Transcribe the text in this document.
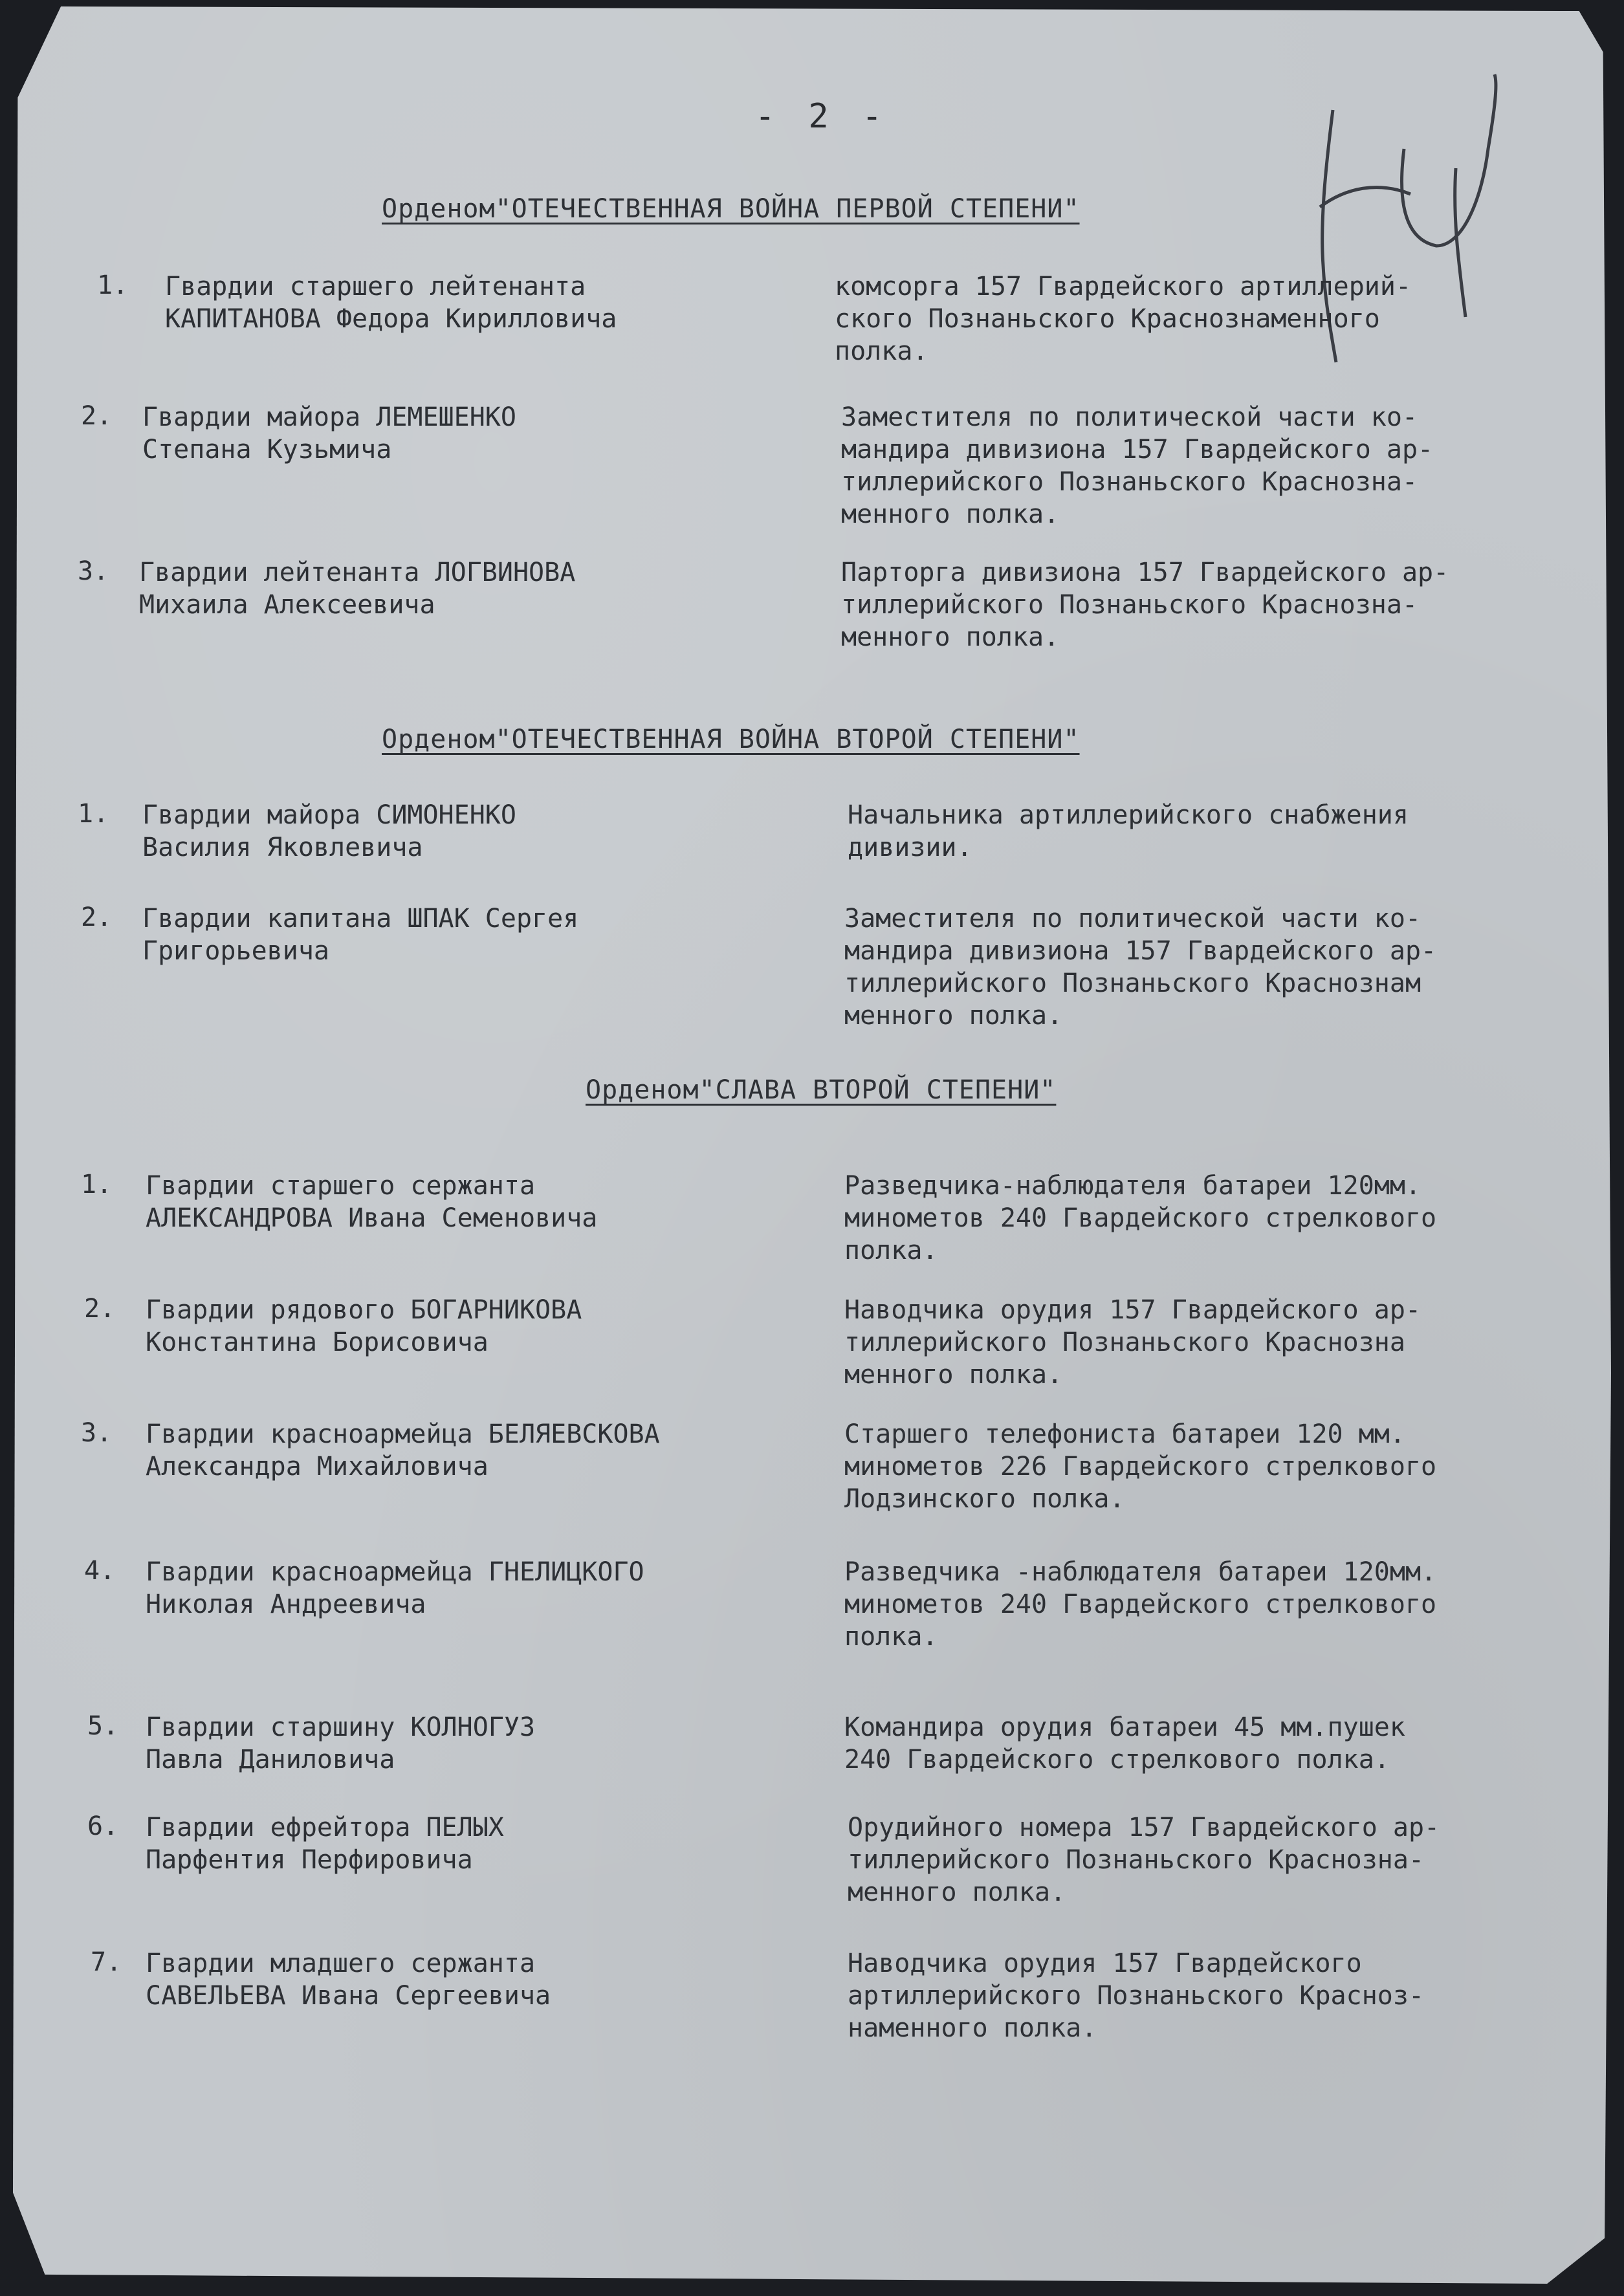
- 2 -
Орденом"ОТЕЧЕСТВЕННАЯ ВОЙНА ПЕРВОЙ СТЕПЕНИ"
1. Гвардии старшего лейтенанта
КАПИТАНОВА Федора Кирилловича
комсорга 157 Гвардейского артиллерий-
ского Познаньского Краснознаменного
полка.
2. Гвардии майора ЛЕМЕШЕНКО
Степана Кузьмича
Заместителя по политической части ко-
мандира дивизиона 157 Гвардейского ар-
тиллерийского Познаньского Краснозна-
менного полка.
3. Гвардии лейтенанта ЛОГВИНОВА
Михаила Алексеевича
Парторга дивизиона 157 Гвардейского ар-
тиллерийского Познаньского Краснозна-
менного полка.
Орденом"ОТЕЧЕСТВЕННАЯ ВОЙНА ВТОРОЙ СТЕПЕНИ"
1. Гвардии майора СИМОНЕНКО
Василия Яковлевича
Начальника артиллерийского снабжения
дивизии.
2. Гвардии капитана ШПАК Сергея
Григорьевича
Заместителя по политической части ко-
мандира дивизиона 157 Гвардейского ар-
тиллерийского Познаньского Краснознам
менного полка.
Орденом"СЛАВА ВТОРОЙ СТЕПЕНИ"
1. Гвардии старшего сержанта
АЛЕКСАНДРОВА Ивана Семеновича
Разведчика-наблюдателя батареи 120мм.
минометов 240 Гвардейского стрелкового
полка.
2. Гвардии рядового БОГАРНИКОВА
Константина Борисовича
Наводчика орудия 157 Гвардейского ар-
тиллерийского Познаньского Краснозна
менного полка.
3. Гвардии красноармейца БЕЛЯЕВСКОВА
Александра Михайловича
Старшего телефониста батареи 120 мм.
минометов 226 Гвардейского стрелкового
Лодзинского полка.
4. Гвардии красноармейца ГНЕЛИЦКОГО
Николая Андреевича
Разведчика -наблюдателя батареи 120мм.
минометов 240 Гвардейского стрелкового
полка.
5. Гвардии старшину КОЛНОГУЗ
Павла Даниловича
Командира орудия батареи 45 мм.пушек
240 Гвардейского стрелкового полка.
6. Гвардии ефрейтора ПЕЛЫХ
Парфентия Перфировича
Орудийного номера 157 Гвардейского ар-
тиллерийского Познаньского Краснозна-
менного полка.
7. Гвардии младшего сержанта
САВЕЛЬЕВА Ивана Сергеевича
Наводчика орудия 157 Гвардейского
артиллерийского Познаньского Красноз-
наменного полка.
